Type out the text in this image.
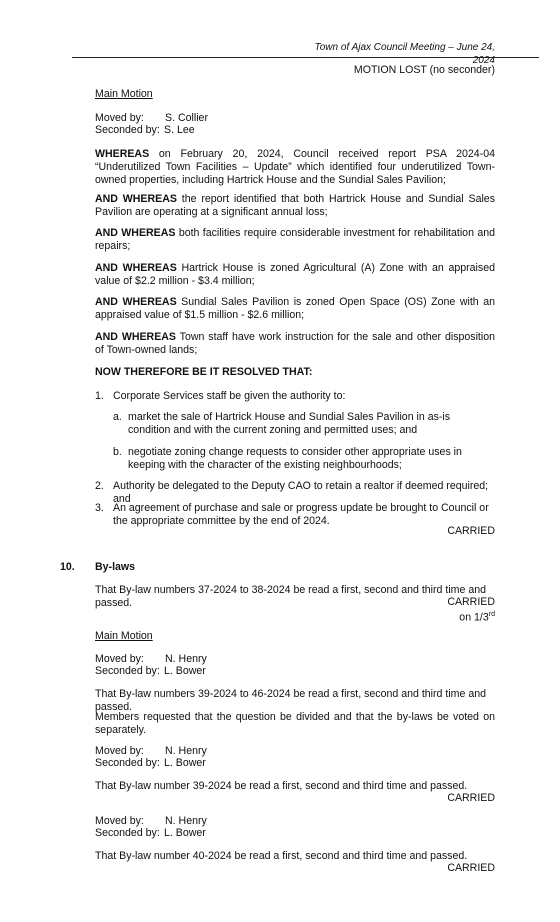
Town of Ajax Council Meeting – June 24, 2024
MOTION LOST (no seconder)
Main Motion
Moved by: S. Collier
Seconded by: S. Lee
WHEREAS on February 20, 2024, Council received report PSA 2024-04 “Underutilized Town Facilities – Update” which identified four underutilized Town-owned properties, including Hartrick House and the Sundial Sales Pavilion;
AND WHEREAS the report identified that both Hartrick House and Sundial Sales Pavilion are operating at a significant annual loss;
AND WHEREAS both facilities require considerable investment for rehabilitation and repairs;
AND WHEREAS Hartrick House is zoned Agricultural (A) Zone with an appraised value of $2.2 million - $3.4 million;
AND WHEREAS Sundial Sales Pavilion is zoned Open Space (OS) Zone with an appraised value of $1.5 million - $2.6 million;
AND WHEREAS Town staff have work instruction for the sale and other disposition of Town-owned lands;
NOW THEREFORE BE IT RESOLVED THAT:
1. Corporate Services staff be given the authority to:
a. market the sale of Hartrick House and Sundial Sales Pavilion in as-is condition and with the current zoning and permitted uses; and
b. negotiate zoning change requests to consider other appropriate uses in keeping with the character of the existing neighbourhoods;
2. Authority be delegated to the Deputy CAO to retain a realtor if deemed required; and
3. An agreement of purchase and sale or progress update be brought to Council or the appropriate committee by the end of 2024.
CARRIED
10. By-laws
That By-law numbers 37-2024 to 38-2024 be read a first, second and third time and passed.	CARRIED
on 1/3rd
Main Motion
Moved by: N. Henry
Seconded by: L. Bower
That By-law numbers 39-2024 to 46-2024 be read a first, second and third time and passed.
Members requested that the question be divided and that the by-laws be voted on separately.
Moved by: N. Henry
Seconded by: L. Bower
That By-law number 39-2024 be read a first, second and third time and passed.
CARRIED
Moved by: N. Henry
Seconded by: L. Bower
That By-law number 40-2024 be read a first, second and third time and passed.
CARRIED
